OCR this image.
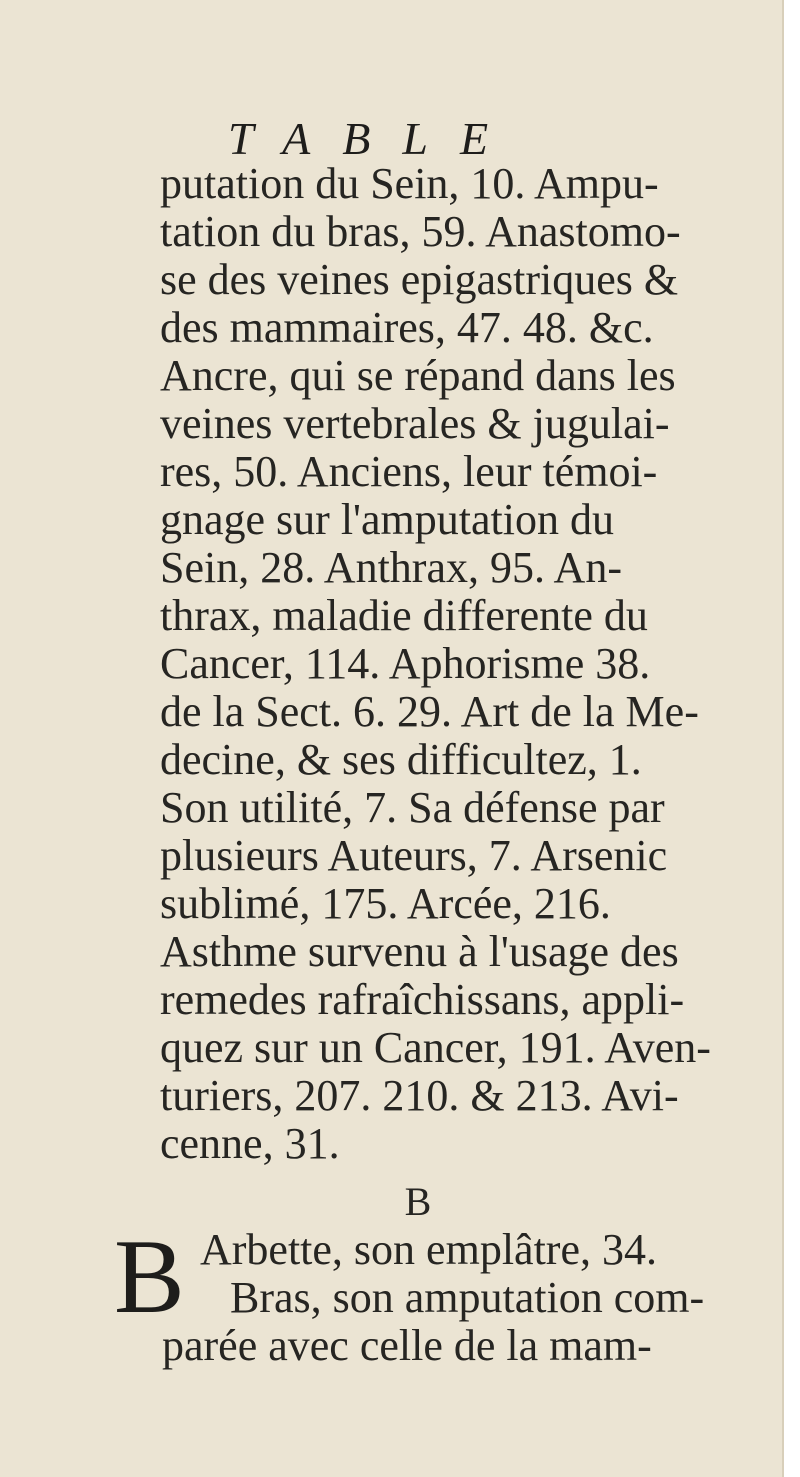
TABLE
putation du Sein, 10. Ampu-
tation du bras, 59. Anastomo-
se des veines epigastriques &
des mammaires, 47. 48. &c.
Ancre, qui se répand dans les
veines vertebrales & jugulai-
res, 50. Anciens, leur témoi-
gnage sur l'amputation du
Sein, 28. Anthrax, 95. An-
thrax, maladie differente du
Cancer, 114. Aphorisme 38.
de la Sect. 6. 29. Art de la Me-
decine, & ses difficultez, 1.
Son utilité, 7. Sa défense par
plusieurs Auteurs, 7. Arsenic
sublimé, 175. Arcée, 216.
Asthme survenu à l'usage des
remedes rafraîchissans, appli-
quez sur un Cancer, 191. Aven-
turiers, 207. 210. & 213. Avi-
cenne, 31.
B
B Arbette, son emplâtre, 34.
Bras, son amputation com-
parée avec celle de la mam-
